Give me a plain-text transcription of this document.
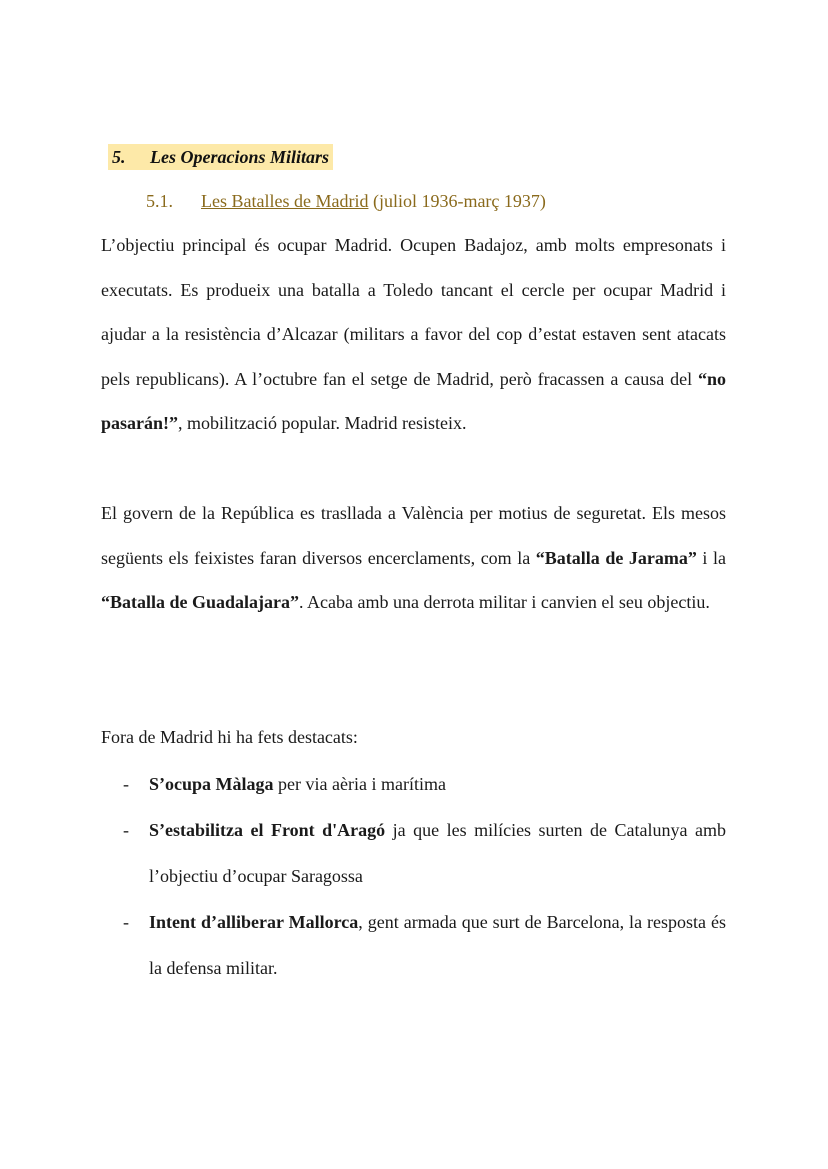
5. Les Operacions Militars
5.1. Les Batalles de Madrid (juliol 1936-març 1937)

L’objectiu principal és ocupar Madrid. Ocupen Badajoz, amb molts empresonats i executats. Es produeix una batalla a Toledo tancant el cercle per ocupar Madrid i ajudar a la resistència d’Alcazar (militars a favor del cop d’estat estaven sent atacats pels republicans). A l’octubre fan el setge de Madrid, però fracassen a causa del “no pasarán!”, mobilització popular. Madrid resisteix.

El govern de la República es trasllada a València per motius de seguretat. Els mesos següents els feixistes faran diversos encerclaments, com la “Batalla de Jarama” i la “Batalla de Guadalajara”. Acaba amb una derrota militar i canvien el seu objectiu.

Fora de Madrid hi ha fets destacats:

- S’ocupa Màlaga per via aèria i marítima
- S’estabilitza el Front d'Aragó ja que les milícies surten de Catalunya amb l’objectiu d’ocupar Saragossa
- Intent d’alliberar Mallorca, gent armada que surt de Barcelona, la resposta és la defensa militar.
